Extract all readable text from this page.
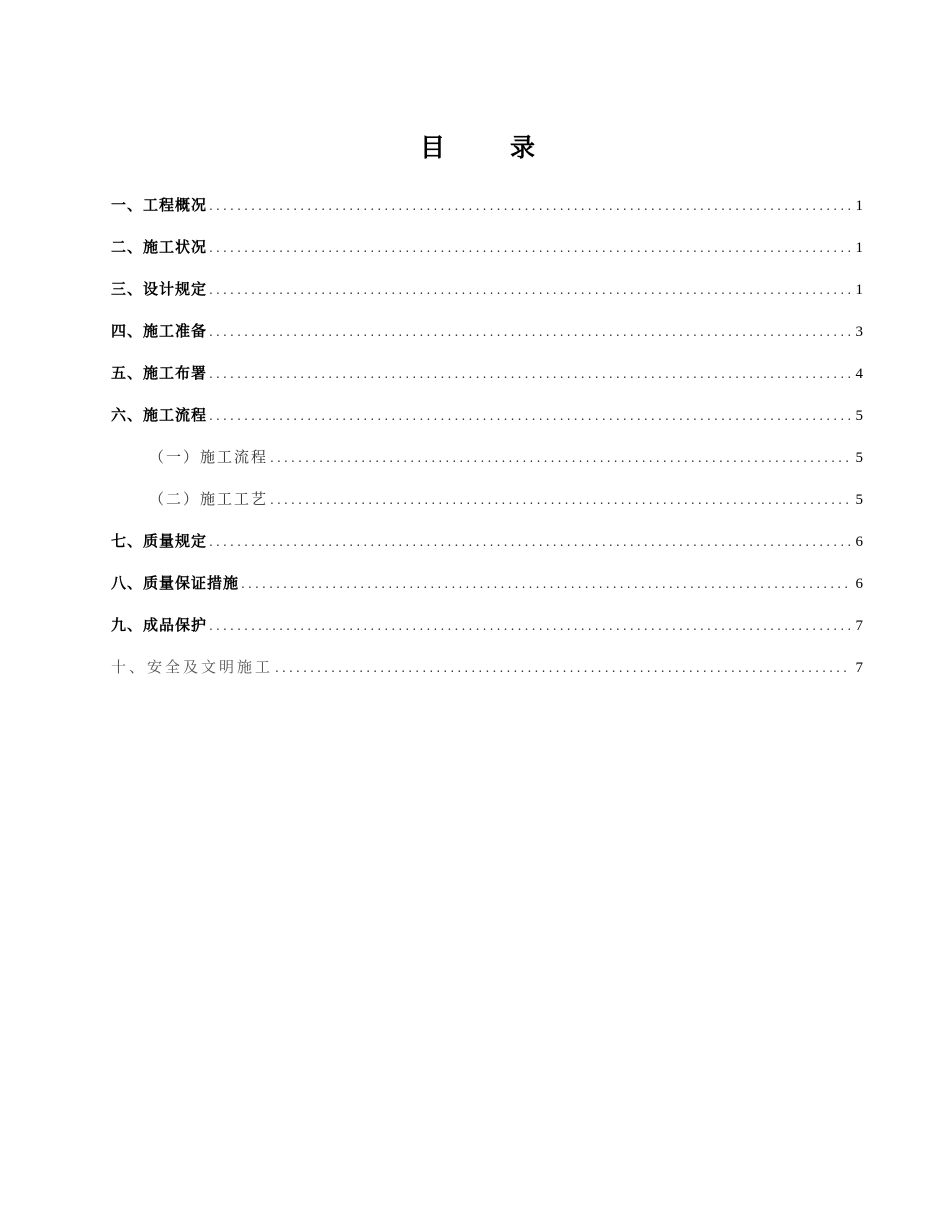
目　录
一、工程概况 .....	1
二、施工状况 .....	1
三、设计规定 .....	1
四、施工准备 .....	3
五、施工布署 .....	4
六、施工流程 .....	5
（一）施工流程 .....	5
（二）施工工艺 .....	5
七、质量规定 .....	6
八、质量保证措施 .....	6
九、成品保护 .....	7
十、安全及文明施工 .....	7
